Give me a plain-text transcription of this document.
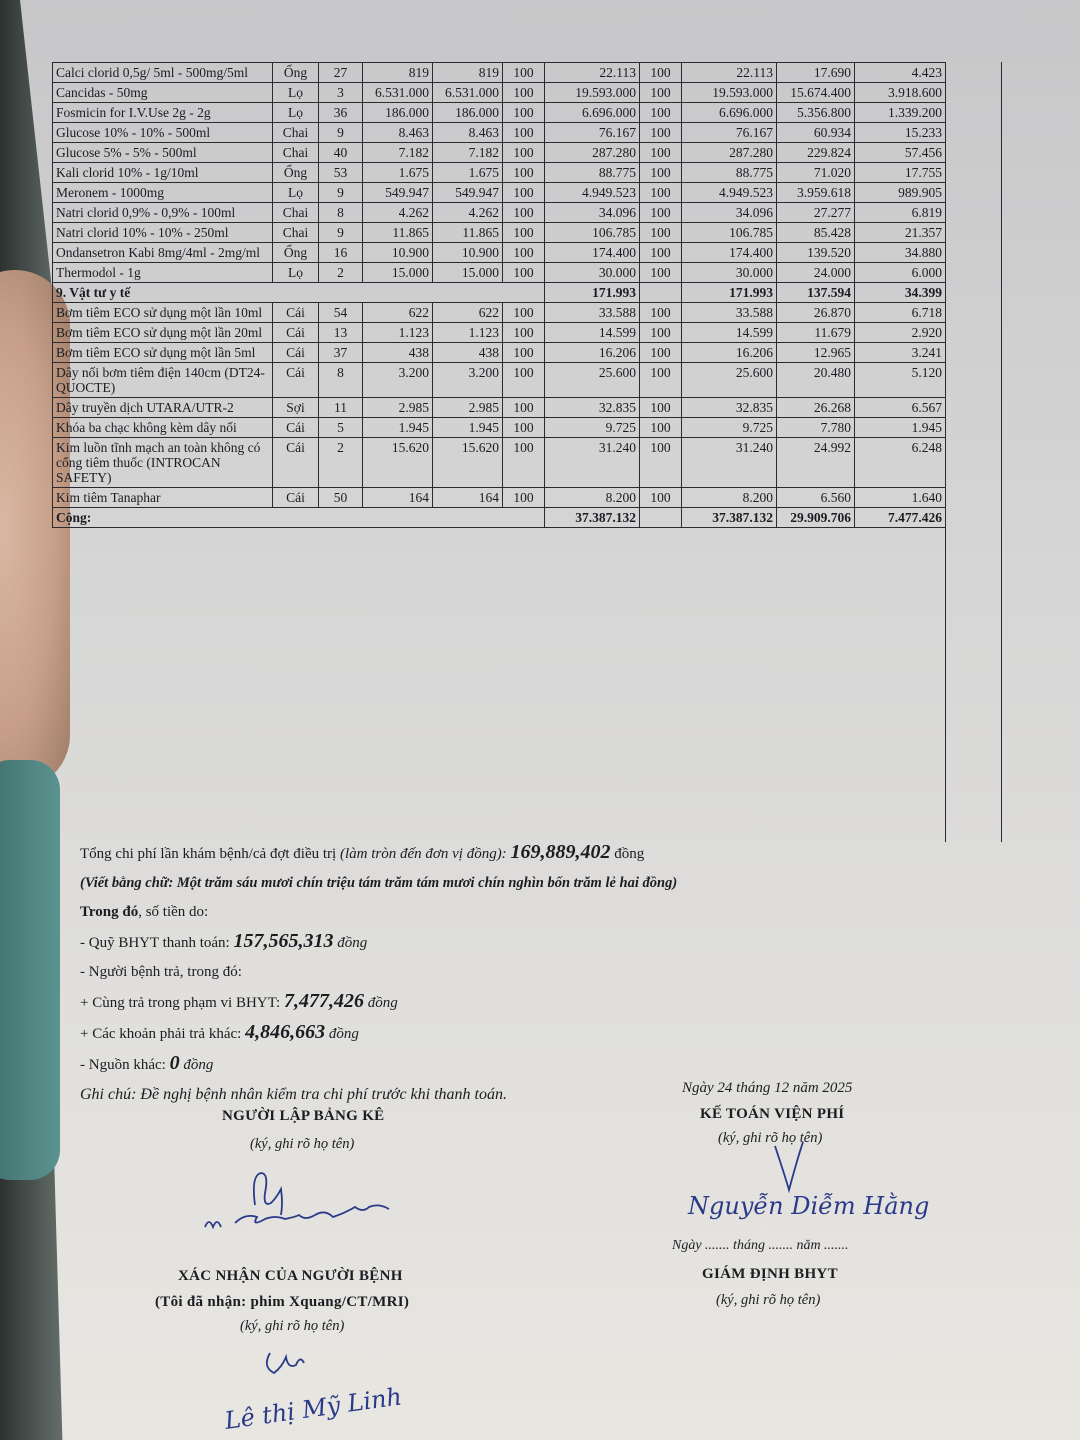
Calci clorid 0,5g/ 5ml - 500mg/5ml	Ống	27	819	819	100	22.113	100	22.113	17.690	4.423
Cancidas - 50mg	Lọ	3	6.531.000	6.531.000	100	19.593.000	100	19.593.000	15.674.400	3.918.600
Fosmicin for I.V.Use 2g - 2g	Lọ	36	186.000	186.000	100	6.696.000	100	6.696.000	5.356.800	1.339.200
Glucose 10% - 10% - 500ml	Chai	9	8.463	8.463	100	76.167	100	76.167	60.934	15.233
Glucose 5% - 5% - 500ml	Chai	40	7.182	7.182	100	287.280	100	287.280	229.824	57.456
Kali clorid 10% - 1g/10ml	Ống	53	1.675	1.675	100	88.775	100	88.775	71.020	17.755
Meronem - 1000mg	Lọ	9	549.947	549.947	100	4.949.523	100	4.949.523	3.959.618	989.905
Natri clorid 0,9% - 0,9% - 100ml	Chai	8	4.262	4.262	100	34.096	100	34.096	27.277	6.819
Natri clorid 10% - 10% - 250ml	Chai	9	11.865	11.865	100	106.785	100	106.785	85.428	21.357
Ondansetron Kabi 8mg/4ml - 2mg/ml	Ống	16	10.900	10.900	100	174.400	100	174.400	139.520	34.880
Thermodol - 1g	Lọ	2	15.000	15.000	100	30.000	100	30.000	24.000	6.000
9. Vật tư y tế						171.993		171.993	137.594	34.399
Bơm tiêm ECO sử dụng một lần 10ml	Cái	54	622	622	100	33.588	100	33.588	26.870	6.718
Bơm tiêm ECO sử dụng một lần 20ml	Cái	13	1.123	1.123	100	14.599	100	14.599	11.679	2.920
Bơm tiêm ECO sử dụng một lần 5ml	Cái	37	438	438	100	16.206	100	16.206	12.965	3.241
Dây nối bơm tiêm điện 140cm (DT24-QUOCTE)	Cái	8	3.200	3.200	100	25.600	100	25.600	20.480	5.120
Dây truyền dịch UTARA/UTR-2	Sợi	11	2.985	2.985	100	32.835	100	32.835	26.268	6.567
Khóa ba chạc không kèm dây nối	Cái	5	1.945	1.945	100	9.725	100	9.725	7.780	1.945
Kim luồn tĩnh mạch an toàn không có cổng tiêm thuốc (INTROCAN SAFETY)	Cái	2	15.620	15.620	100	31.240	100	31.240	24.992	6.248
Kim tiêm Tanaphar	Cái	50	164	164	100	8.200	100	8.200	6.560	1.640
Cộng:						37.387.132		37.387.132	29.909.706	7.477.426
Tổng chi phí lần khám bệnh/cả đợt điều trị (làm tròn đến đơn vị đồng): 169,889,402 đồng
(Viết bằng chữ: Một trăm sáu mươi chín triệu tám trăm tám mươi chín nghìn bốn trăm lẻ hai đồng)
Trong đó, số tiền do:
- Quỹ BHYT thanh toán: 157,565,313 đồng
- Người bệnh trả, trong đó:
+ Cùng trả trong phạm vi BHYT: 7,477,426 đồng
+ Các khoản phải trả khác: 4,846,663 đồng
- Nguồn khác: 0 đồng
Ghi chú: Đề nghị bệnh nhân kiểm tra chi phí trước khi thanh toán.	Ngày 24 tháng 12 năm 2025
NGƯỜI LẬP BẢNG KÊ
(ký, ghi rõ họ tên)
KẾ TOÁN VIỆN PHÍ
(ký, ghi rõ họ tên)
Nguyễn Diễm Hằng
Ngày ....... tháng ....... năm .......
XÁC NHẬN CỦA NGƯỜI BỆNH
(Tôi đã nhận: phim Xquang/CT/MRI)
(ký, ghi rõ họ tên)
Lê thị Mỹ Linh
GIÁM ĐỊNH BHYT
(ký, ghi rõ họ tên)
